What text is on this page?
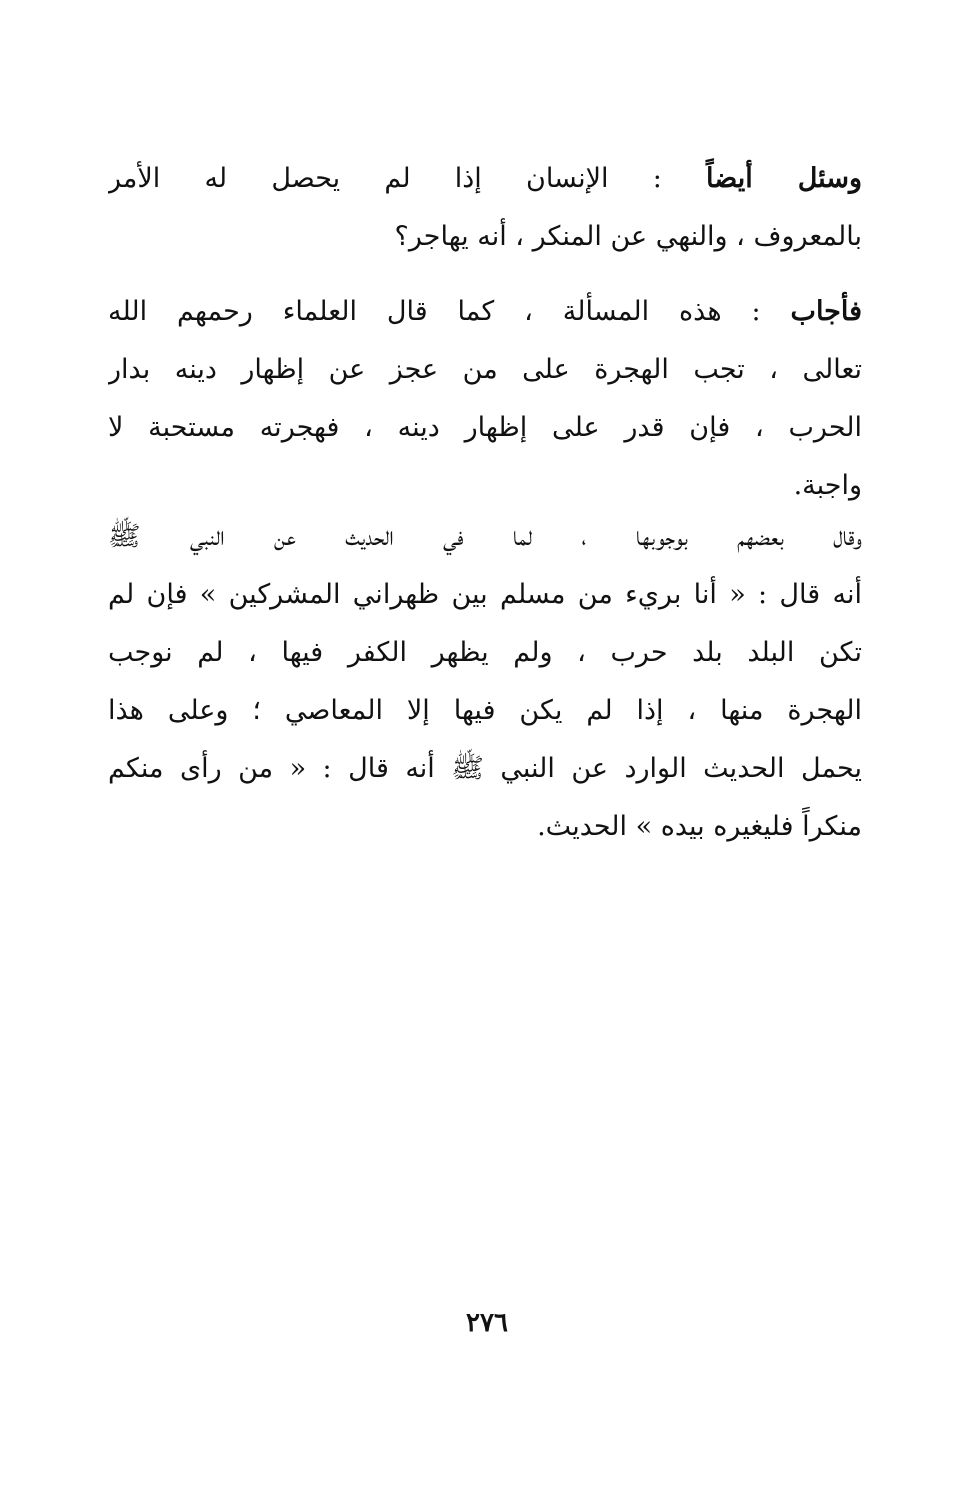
وسئل أيضاً : الإنسان إذا لم يحصل له الأمر
بالمعروف ، والنهي عن المنكر ، أنه يهاجر؟
فأجاب : هذه المسألة ، كما قال العلماء رحمهم الله
تعالى ، تجب الهجرة على من عجز عن إظهار دينه بدار
الحرب ، فإن قدر على إظهار دينه ، فهجرته مستحبة لا
واجبة.
وقال بعضهم بوجوبها ، لما في الحديث عن النبي ﷺ
أنه قال : « أنا بريء من مسلم بين ظهراني المشركين » فإن لم
تكن البلد بلد حرب ، ولم يظهر الكفر فيها ، لم نوجب
الهجرة منها ، إذا لم يكن فيها إلا المعاصي ؛ وعلى هذا
يحمل الحديث الوارد عن النبي ﷺ أنه قال : « من رأى منكم
منكراً فليغيره بيده » الحديث.
٢٧٦
